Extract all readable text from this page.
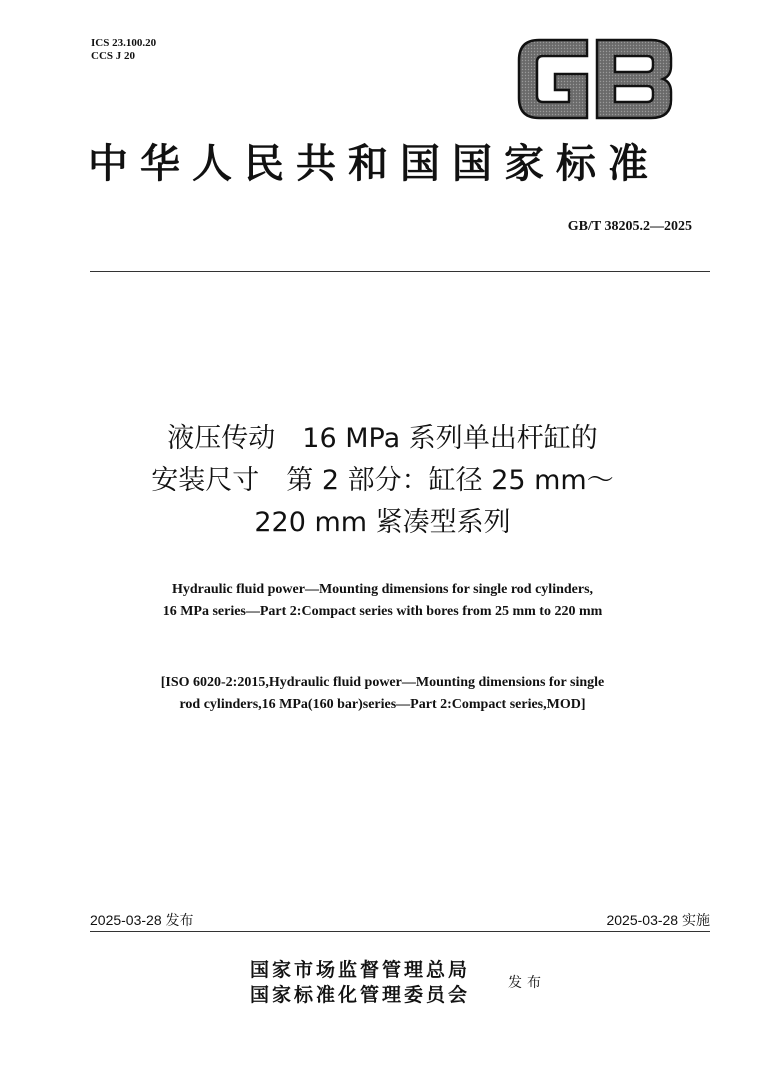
ICS 23.100.20
CCS J 20
GB
中华人民共和国国家标准
GB/T 38205.2—2025
液压传动　16 MPa 系列单出杆缸的
安装尺寸　第 2 部分：缸径 25 mm～
220 mm 紧凑型系列
Hydraulic fluid power—Mounting dimensions for single rod cylinders,
16 MPa series—Part 2:Compact series with bores from 25 mm to 220 mm
[ISO 6020-2:2015,Hydraulic fluid power—Mounting dimensions for single
rod cylinders,16 MPa(160 bar)series—Part 2:Compact series,MOD]
2025-03-28 发布	2025-03-28 实施
国家市场监督管理总局
国家标准化管理委员会
发布
